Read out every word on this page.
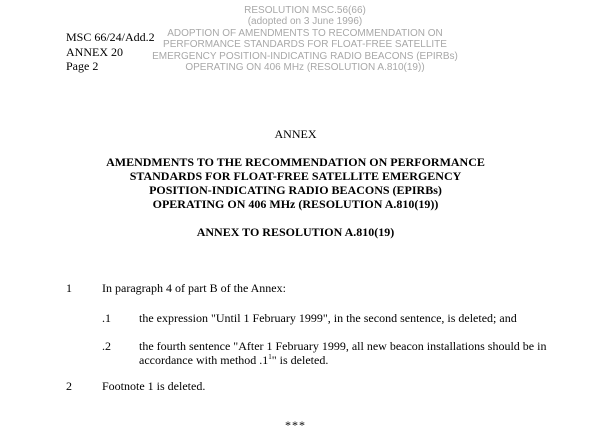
RESOLUTION MSC.56(66)
(adopted on 3 June 1996)
ADOPTION OF AMENDMENTS TO RECOMMENDATION ON
PERFORMANCE STANDARDS FOR FLOAT-FREE SATELLITE
EMERGENCY POSITION-INDICATING RADIO BEACONS (EPIRBs)
OPERATING ON 406 MHz (RESOLUTION A.810(19))
MSC 66/24/Add.2
ANNEX 20
Page 2
ANNEX
AMENDMENTS TO THE RECOMMENDATION ON PERFORMANCE
STANDARDS FOR FLOAT-FREE SATELLITE EMERGENCY
POSITION-INDICATING RADIO BEACONS (EPIRBs)
OPERATING ON 406 MHz (RESOLUTION A.810(19))
ANNEX TO RESOLUTION A.810(19)
1	In paragraph 4 of part B of the Annex:
.1 the expression "Until 1 February 1999", in the second sentence, is deleted; and
.2 the fourth sentence "After 1 February 1999, all new beacon installations should be in
accordance with method $.1^1$" is deleted.
2	Footnote 1 is deleted.
***
